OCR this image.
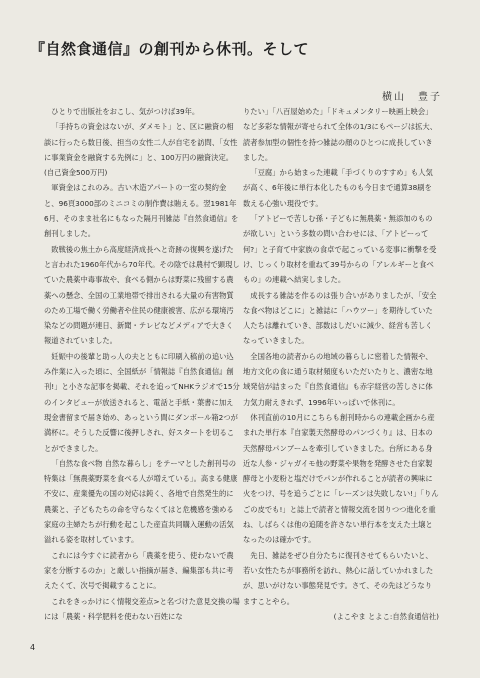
『自然食通信』の創刊から休刊。そして
横山　豊子

ひとりで出版社をおこし、気がつけば39年。

「手持ちの資金はないが、ダメモト」と、区に融資の相談に行ったら数日後、担当の女性二人が自宅を訪問、「女性に事業資金を融資する先例に」と、100万円の融資決定。(自己資金500万円)

軍資金はこれのみ。古い木造アパートの一室の契約金と、96頁3000部のミニコミの制作費は賄える。翌1981年6月、そのまま社名にもなった隔月刊雑誌『自然食通信』を創刊しました。

敗戦後の焦土から高度経済成長へと奇跡の復興を遂げたと言われた1960年代から70年代。その陰では農村で顕現していた農薬中毒事故や、食べる側からは野菜に残留する農薬への懸念、全国の工業地帯で排出される大量の有害物質のため工場で働く労働者や住民の健康被害、広がる環境汚染などの問題が連日、新聞・テレビなどメディアで大きく報道されていました。

妊娠中の後輩と助っ人の夫とともに印刷入稿前の追い込み作業に入った頃に、全国紙が「情報誌『自然食通信』創刊!」と小さな記事を掲載、それを追ってNHKラジオで15分のインタビューが放送されると、電話と手紙・葉書に加え現金書留まで届き始め、あっという間にダンボール箱2つが満杯に。そうした反響に後押しされ、好スタートを切ることができました。

「自然な食べ物 自然な暮らし」をテーマとした創刊号の特集は「無農薬野菜を食べる人が増えている」。高まる健康不安に、産業優先の国の対応は鈍く、各地で自然発生的に農薬と、子どもたちの命を守らなくてはと危機感を強める家庭の主婦たちが行動を起こした産直共同購入運動の活気溢れる姿を取材しています。

これには今すぐに読者から「農薬を使う、使わないで農家を分断するのか」と厳しい指摘が届き、編集部も共に考えたくて、次号で掲載することに。

これをきっかけにく情報交差点>と名づけた意見交換の場には「農薬・科学肥料を使わない百姓にな

りたい」「八百屋始めた」「ドキュメンタリー映画上映会」など多彩な情報が寄せられて全体の1/3にもページは拡大、読者参加型の個性を持つ雑誌の顔のひとつに成長していきました。

「豆腐」から始まった連載「手づくりのすすめ」も人気が高く、6年後に単行本化したものも今日まで通算38刷を数える心強い現役です。

「アトピーで苦しむ孫・子どもに無農薬・無添加のものが欲しい」という多数の問い合わせには、「アトピーって何?」と子育て中家族の食卓で起こっている変事に衝撃を受け、じっくり取材を重ねて39号からの「アレルギーと食べもの」の連載へ結実しました。

成長する雑誌を作るのは張り合いがありましたが、「安全な食べ物はどこに」と雑誌に「ハウツー」を期待していた人たちは離れていき、部数はしだいに減少、経営も苦しくなっていきました。

全国各地の読者からの地域の暮らしに密着した情報や、地方文化の食に通う取材頻度もいただいたりと、濃密な地域発信が詰まった『自然食通信』も赤字経営の苦しさに体力気力耐えきれず、1996年いっぱいで休刊に。

休刊直前の10月にこちらも創刊時からの連載企画から産まれた単行本『自家製天然酵母のパンづくり』は、日本の天然酵母パンブームを牽引していきました。台所にある身近な人参・ジャガイモ他の野菜や果物を発酵させた自家製酵母と小麦粉と塩だけでパンが作れることが読者の興味に火をつけ、号を追うごとに「レーズンは失敗しない!」「りんごの皮でも!」と誌上で読者と情報交流を図りつつ進化を重ね、しばらくは他の追随を許さない単行本を支えた土壌となったのは確かです。

先日、雑誌をぜひ自分たちに復刊させてもらいたいと、若い女性たちが事務所を訪れ、熱心に話していかれましたが、思いがけない事態発見です。さて、その先はどうなりますことやら。

(よこやま とよこ:自然食通信社)

4
